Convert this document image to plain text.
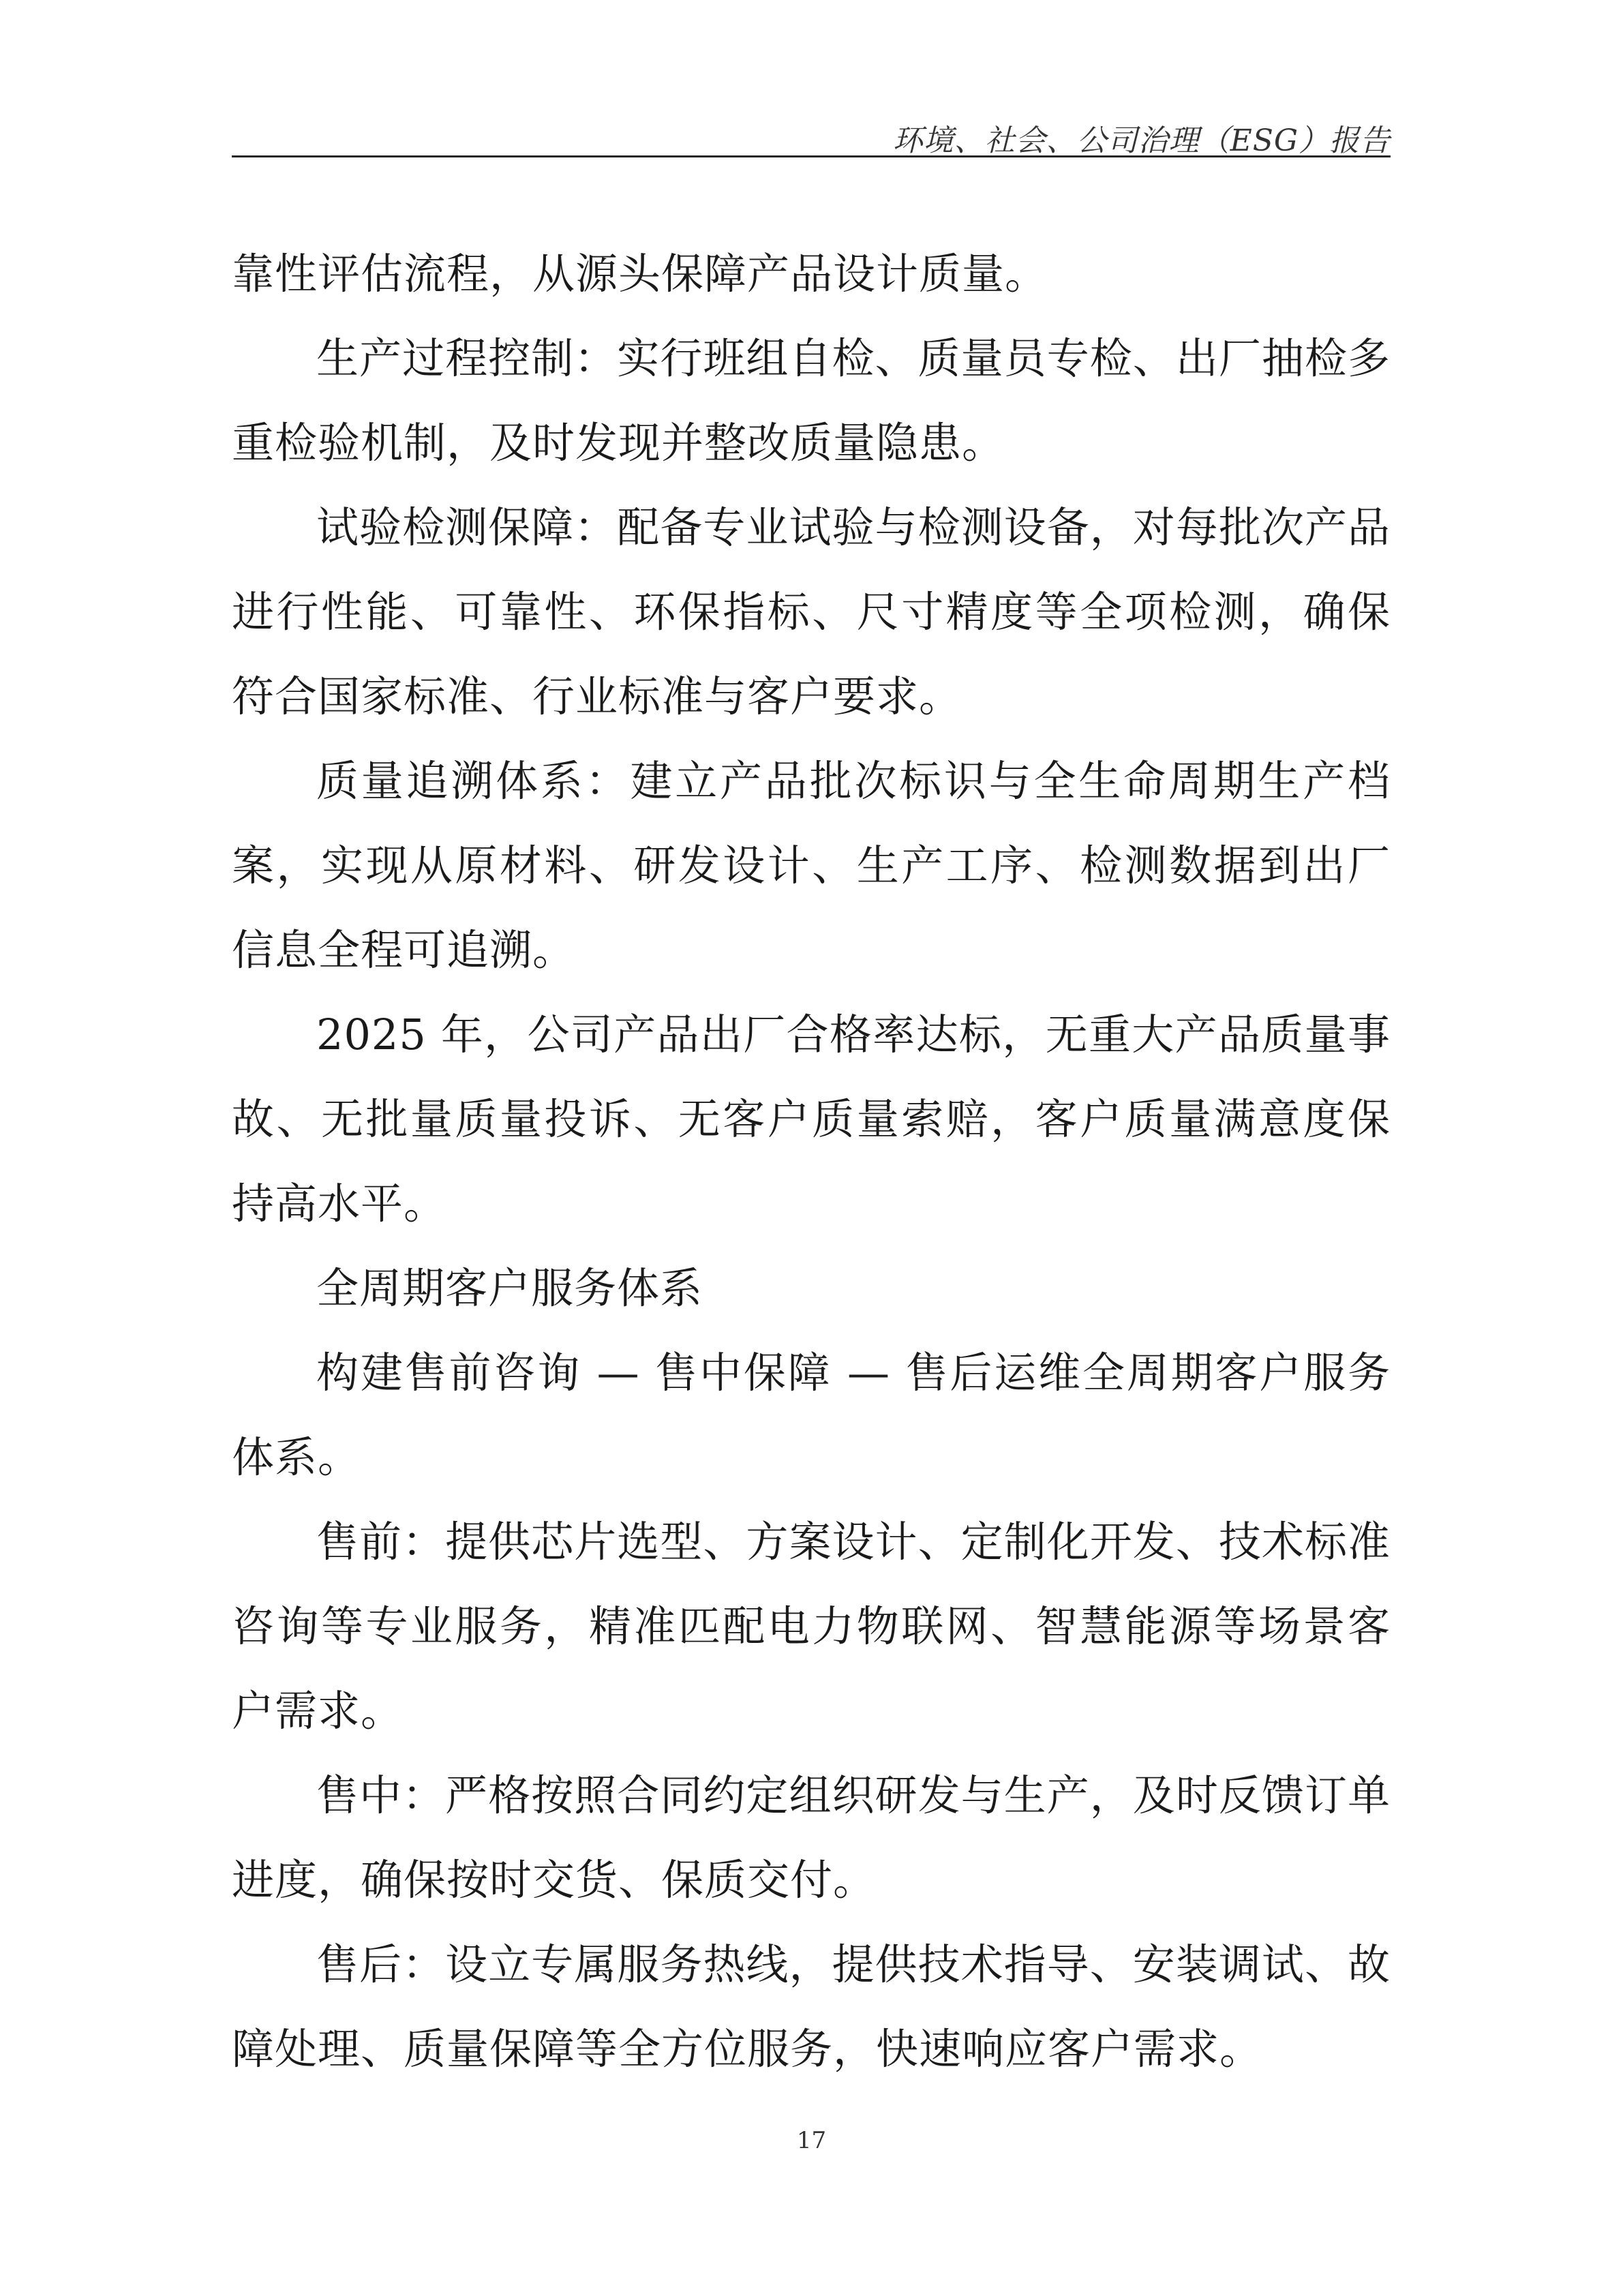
环境、社会、公司治理（ESG）报告

靠性评估流程，从源头保障产品设计质量。

生产过程控制：实行班组自检、质量员专检、出厂抽检多重检验机制，及时发现并整改质量隐患。

试验检测保障：配备专业试验与检测设备，对每批次产品进行性能、可靠性、环保指标、尺寸精度等全项检测，确保符合国家标准、行业标准与客户要求。

质量追溯体系：建立产品批次标识与全生命周期生产档案，实现从原材料、研发设计、生产工序、检测数据到出厂信息全程可追溯。

2025 年，公司产品出厂合格率达标，无重大产品质量事故、无批量质量投诉、无客户质量索赔，客户质量满意度保持高水平。

全周期客户服务体系

构建售前咨询 — 售中保障 — 售后运维全周期客户服务体系。

售前：提供芯片选型、方案设计、定制化开发、技术标准咨询等专业服务，精准匹配电力物联网、智慧能源等场景客户需求。

售中：严格按照合同约定组织研发与生产，及时反馈订单进度，确保按时交货、保质交付。

售后：设立专属服务热线，提供技术指导、安装调试、故障处理、质量保障等全方位服务，快速响应客户需求。

17
